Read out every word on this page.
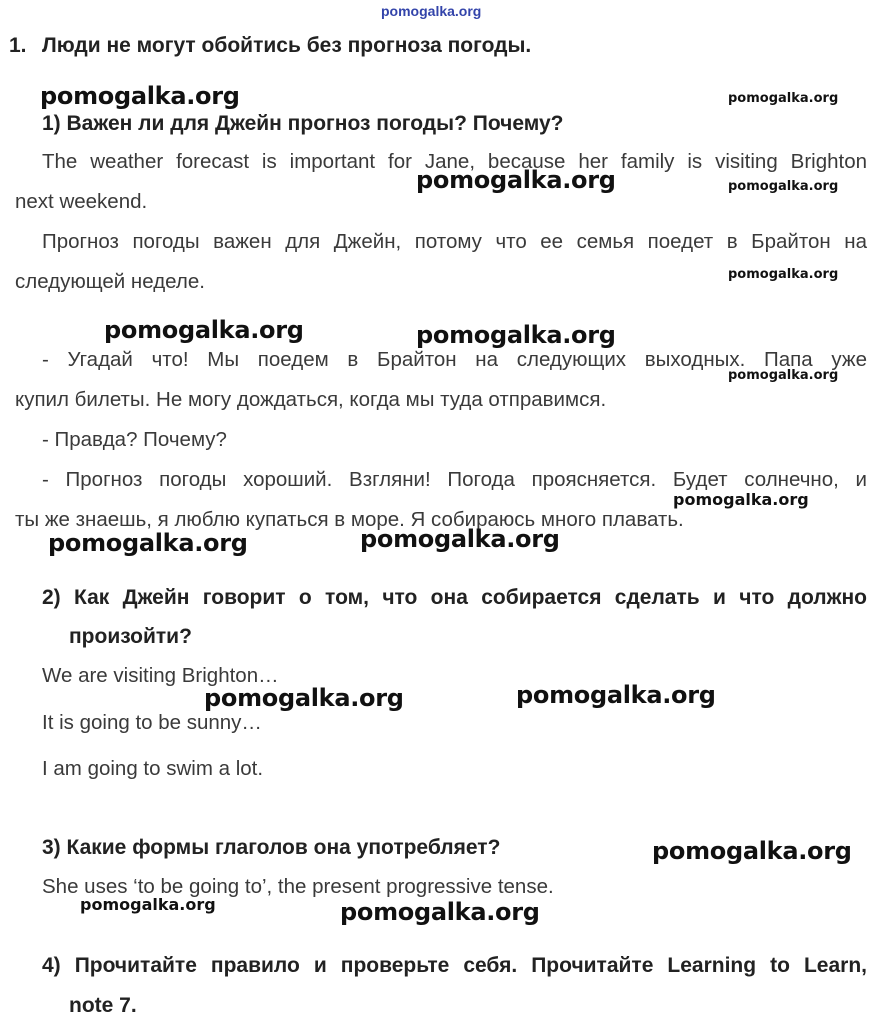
pomogalka.org
1. Люди не могут обойтись без прогноза погоды.
1) Важен ли для Джейн прогноз погоды? Почему?
The weather forecast is important for Jane, because her family is visiting Brighton
next weekend.
Прогноз погоды важен для Джейн, потому что ее семья поедет в Брайтон на
следующей неделе.
- Угадай что! Мы поедем в Брайтон на следующих выходных. Папа уже
купил билеты. Не могу дождаться, когда мы туда отправимся.
- Правда? Почему?
- Прогноз погоды хороший. Взгляни! Погода проясняется. Будет солнечно, и
ты же знаешь, я люблю купаться в море. Я собираюсь много плавать.
2) Как Джейн говорит о том, что она собирается сделать и что должно
произойти?
We are visiting Brighton…
It is going to be sunny…
I am going to swim a lot.
3) Какие формы глаголов она употребляет?
She uses ‘to be going to’, the present progressive tense.
4) Прочитайте правило и проверьте себя. Прочитайте Learning to Learn,
note 7.
pomogalka.org	pomogalka.org
pomogalka.org	pomogalka.org
pomogalka.org
pomogalka.org	pomogalka.org
pomogalka.org
pomogalka.org
pomogalka.org	pomogalka.org
pomogalka.org	pomogalka.org
pomogalka.org
pomogalka.org	pomogalka.org
